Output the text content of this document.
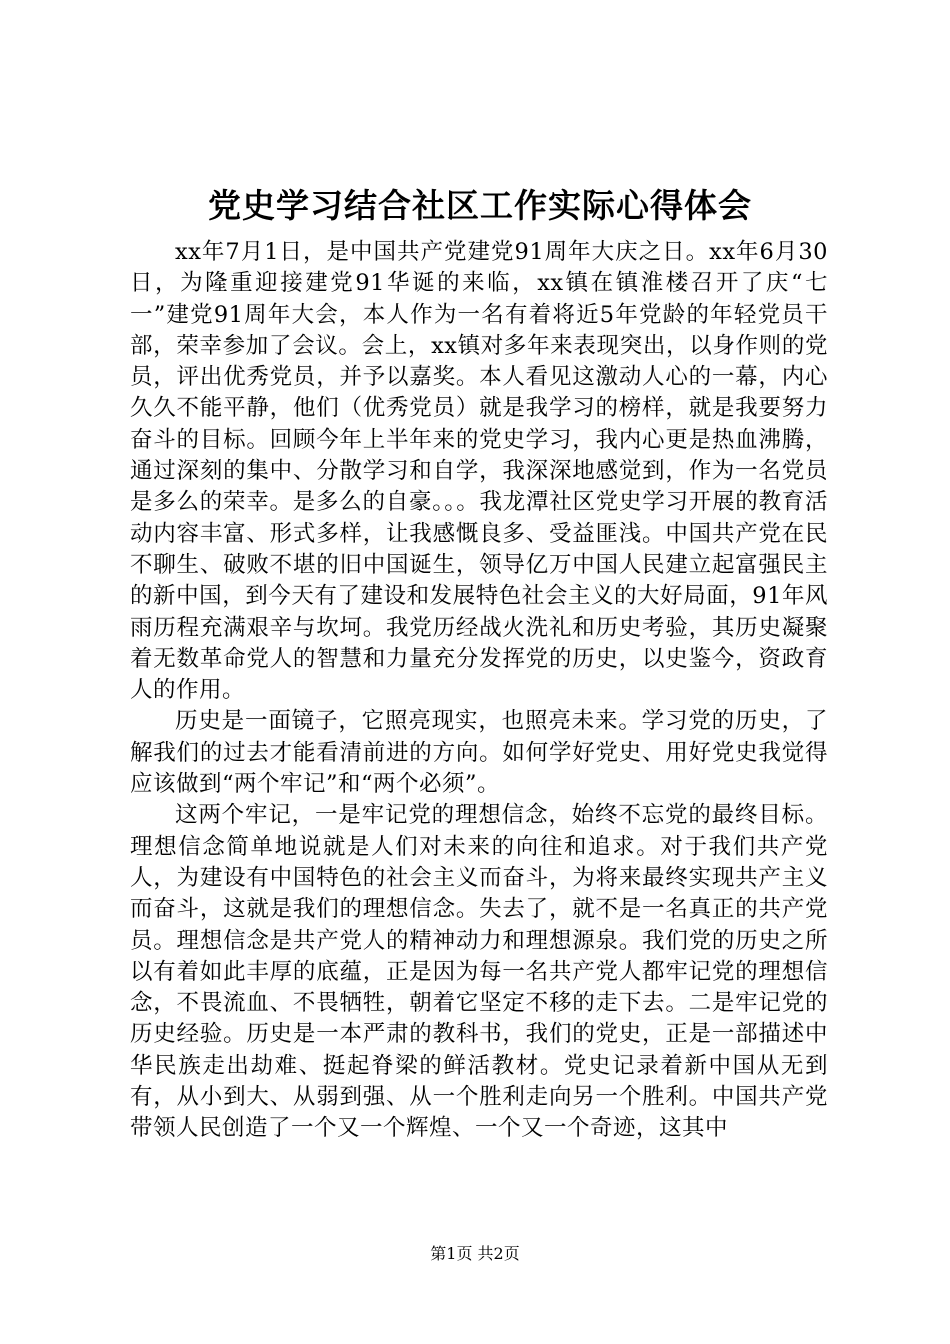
党史学习结合社区工作实际心得体会

xx年7月1日，是中国共产党建党91周年大庆之日。xx年6月30日，为隆重迎接建党91华诞的来临，xx镇在镇淮楼召开了庆“七一”建党91周年大会，本人作为一名有着将近5年党龄的年轻党员干部，荣幸参加了会议。会上，xx镇对多年来表现突出，以身作则的党员，评出优秀党员，并予以嘉奖。本人看见这激动人心的一幕，内心久久不能平静，他们（优秀党员）就是我学习的榜样，就是我要努力奋斗的目标。回顾今年上半年来的党史学习，我内心更是热血沸腾，通过深刻的集中、分散学习和自学，我深深地感觉到，作为一名党员是多么的荣幸。是多么的自豪。。。我龙潭社区党史学习开展的教育活动内容丰富、形式多样，让我感慨良多、受益匪浅。中国共产党在民不聊生、破败不堪的旧中国诞生，领导亿万中国人民建立起富强民主的新中国，到今天有了建设和发展特色社会主义的大好局面，91年风雨历程充满艰辛与坎坷。我党历经战火洗礼和历史考验，其历史凝聚着无数革命党人的智慧和力量充分发挥党的历史，以史鉴今，资政育人的作用。

历史是一面镜子，它照亮现实，也照亮未来。学习党的历史，了解我们的过去才能看清前进的方向。如何学好党史、用好党史我觉得应该做到“两个牢记”和“两个必须”。

这两个牢记，一是牢记党的理想信念，始终不忘党的最终目标。理想信念简单地说就是人们对未来的向往和追求。对于我们共产党人，为建设有中国特色的社会主义而奋斗，为将来最终实现共产主义而奋斗，这就是我们的理想信念。失去了，就不是一名真正的共产党员。理想信念是共产党人的精神动力和理想源泉。我们党的历史之所以有着如此丰厚的底蕴，正是因为每一名共产党人都牢记党的理想信念，不畏流血、不畏牺牲，朝着它坚定不移的走下去。二是牢记党的历史经验。历史是一本严肃的教科书，我们的党史，正是一部描述中华民族走出劫难、挺起脊梁的鲜活教材。党史记录着新中国从无到有，从小到大、从弱到强、从一个胜利走向另一个胜利。中国共产党带领人民创造了一个又一个辉煌、一个又一个奇迹，这其中

第1页 共2页
